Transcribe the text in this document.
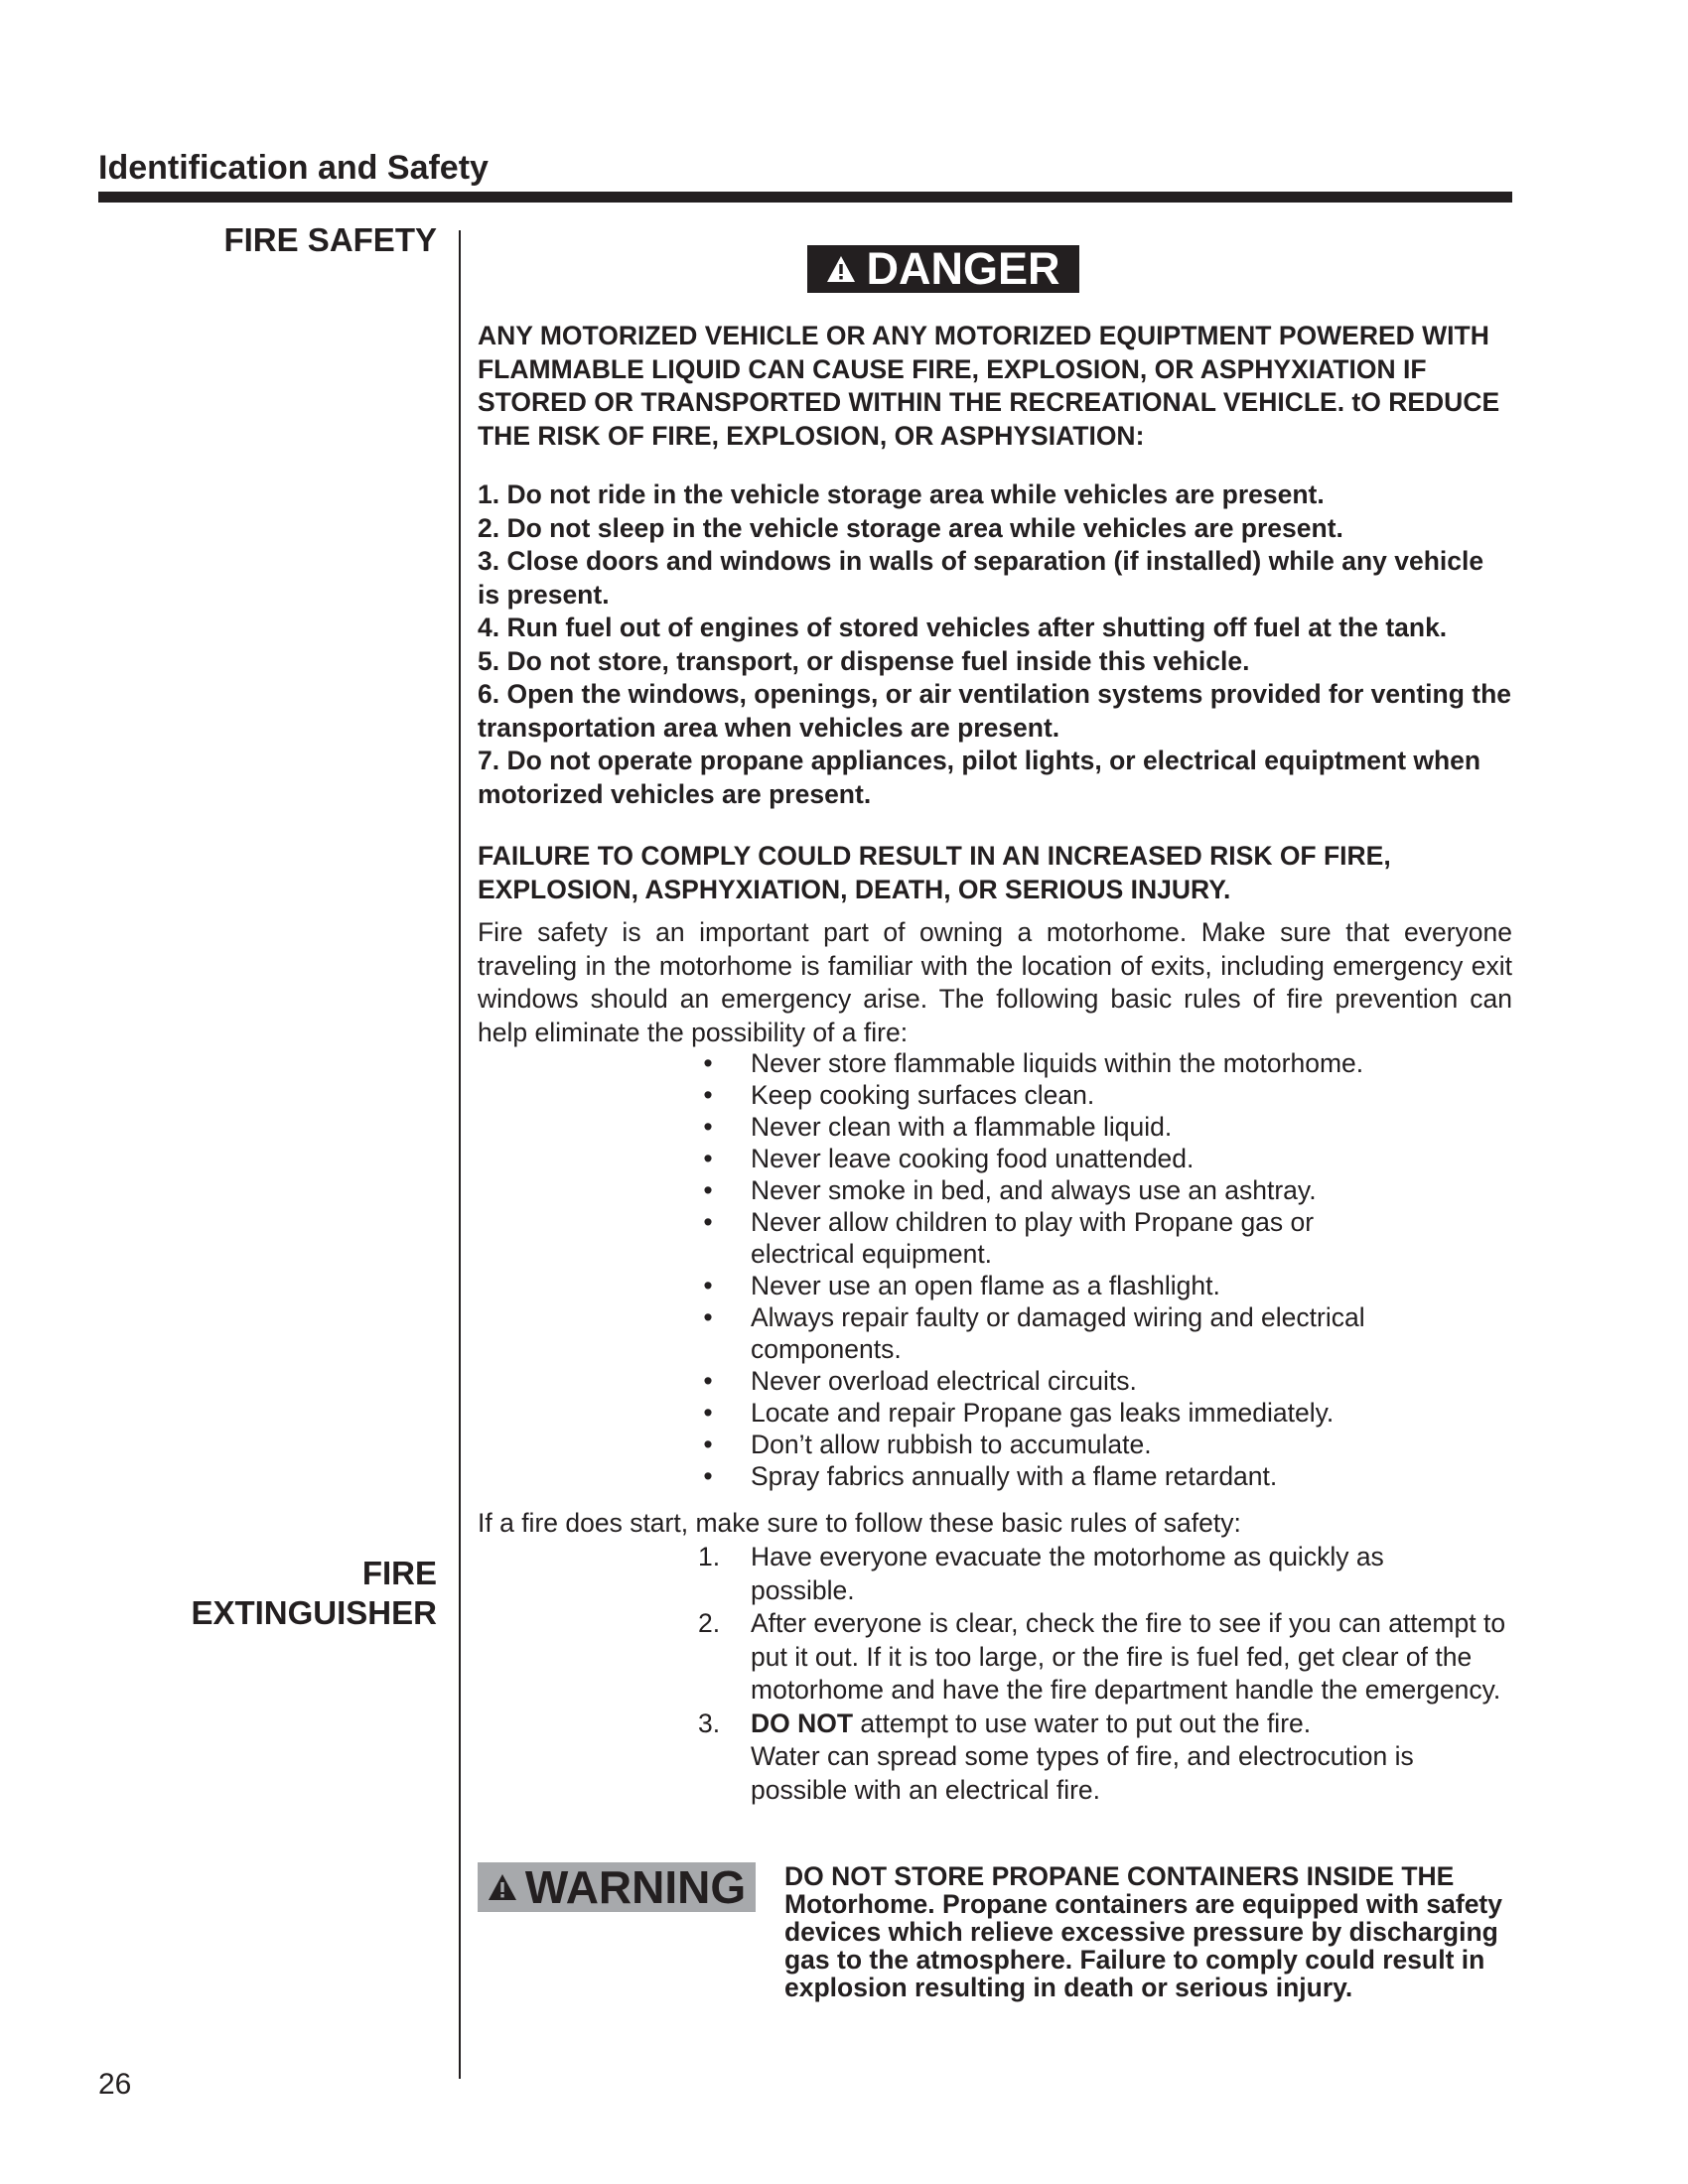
Identification and Safety
FIRE SAFETY
FIRE
EXTINGUISHER
DANGER
ANY MOTORIZED VEHICLE OR ANY MOTORIZED EQUIPTMENT POWERED WITH FLAMMABLE LIQUID CAN CAUSE FIRE, EXPLOSION, OR ASPHYXIATION IF STORED OR TRANSPORTED WITHIN THE RECREATIONAL VEHICLE. tO REDUCE THE RISK OF FIRE, EXPLOSION, OR ASPHYSIATION:

1. Do not ride in the vehicle storage area while vehicles are present.

2. Do not sleep in the vehicle storage area while vehicles are present.

3. Close doors and windows in walls of separation (if installed) while any vehicle is present.

4. Run fuel out of engines of stored vehicles after shutting off fuel at the tank.

5. Do not store, transport, or dispense fuel inside this vehicle.

6. Open the windows, openings, or air ventilation systems provided for venting the transportation area when vehicles are present.

7. Do not operate propane appliances, pilot lights, or electrical equiptment when motorized vehicles are present.

FAILURE TO COMPLY COULD RESULT IN AN INCREASED RISK OF FIRE, EXPLOSION, ASPHYXIATION, DEATH, OR SERIOUS INJURY.
Fire safety is an important part of owning a motorhome. Make sure that everyone traveling in the motorhome is familiar with the location of exits, including emergency exit windows should an emergency arise. The following basic rules of fire prevention can help eliminate the possibility of a fire:
• Never store flammable liquids within the motorhome.
• Keep cooking surfaces clean.
• Never clean with a flammable liquid.
• Never leave cooking food unattended.
• Never smoke in bed, and always use an ashtray.
• Never allow children to play with Propane gas or electrical equipment.
• Never use an open flame as a flashlight.
• Always repair faulty or damaged wiring and electrical components.
• Never overload electrical circuits.
• Locate and repair Propane gas leaks immediately.
• Don’t allow rubbish to accumulate.
• Spray fabrics annually with a flame retardant.
If a fire does start, make sure to follow these basic rules of safety:
1. Have everyone evacuate the motorhome as quickly as possible.
2. After everyone is clear, check the fire to see if you can attempt to put it out. If it is too large, or the fire is fuel fed, get clear of the motorhome and have the fire department handle the emergency.
3. DO NOT attempt to use water to put out the fire.
Water can spread some types of fire, and electrocution is possible with an electrical fire.
WARNING DO NOT STORE PROPANE CONTAINERS INSIDE THE Motorhome. Propane containers are equipped with safety devices which relieve excessive pressure by discharging gas to the atmosphere. Failure to comply could result in explosion resulting in death or serious injury.
26
